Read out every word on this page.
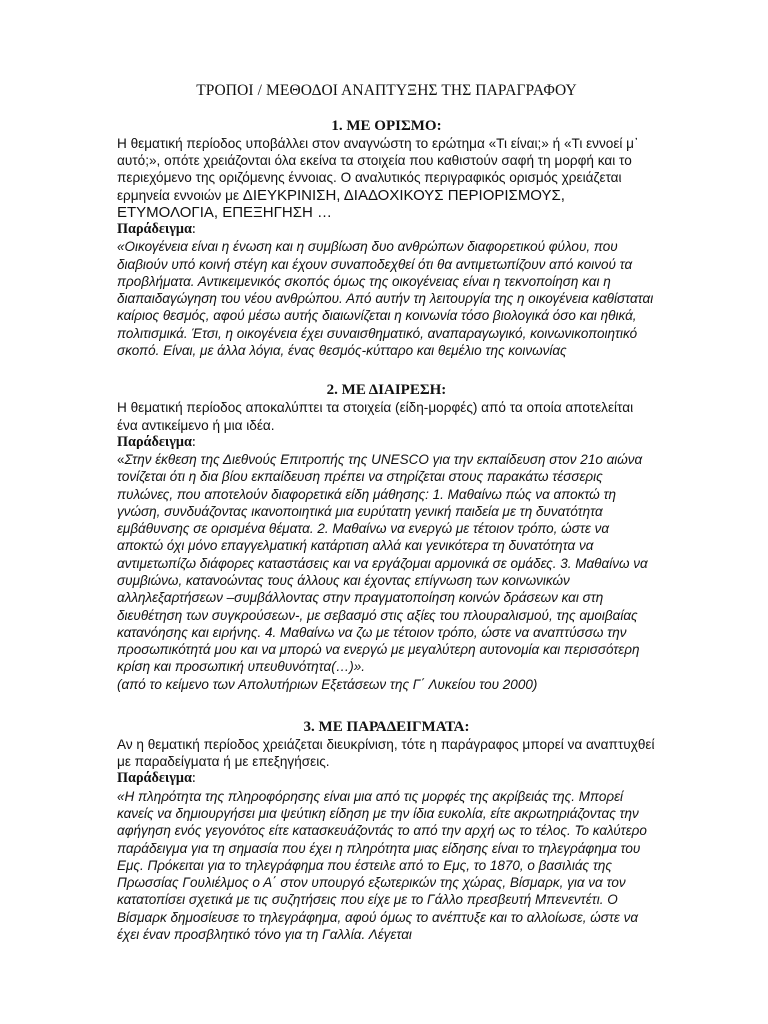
ΤΡΟΠΟΙ / ΜΕΘΟΔΟΙ ΑΝΑΠΤΥΞΗΣ ΤΗΣ ΠΑΡΑΓΡΑΦΟΥ
1. ΜΕ ΟΡΙΣΜΟ:

Η θεματική περίοδος υποβάλλει στον αναγνώστη το ερώτημα «Τι είναι;» ή «Τι εννοεί μ᾽ αυτό;», οπότε χρειάζονται όλα εκείνα τα στοιχεία που καθιστούν σαφή τη μορφή και το περιεχόμενο της οριζόμενης έννοιας. Ο αναλυτικός περιγραφικός ορισμός χρειάζεται ερμηνεία εννοιών με ΔΙΕΥΚΡΙΝΙΣΗ, ΔΙΑΔΟΧΙΚΟΥΣ ΠΕΡΙΟΡΙΣΜΟΥΣ, ΕΤΥΜΟΛΟΓΙΑ, ΕΠΕΞΗΓΗΣΗ …

Παράδειγμα:

«Οικογένεια είναι η ένωση και η συμβίωση δυο ανθρώπων διαφορετικού φύλου, που διαβιούν υπό κοινή στέγη και έχουν συναποδεχθεί ότι θα αντιμετωπίζουν από κοινού τα προβλήματα. Αντικειμενικός σκοπός όμως της οικογένειας είναι η τεκνοποίηση και η διαπαιδαγώγηση του νέου ανθρώπου. Από αυτήν τη λειτουργία της η οικογένεια καθίσταται καίριος θεσμός, αφού μέσω αυτής διαιωνίζεται η κοινωνία τόσο βιολογικά όσο και ηθικά, πολιτισμικά. Έτσι, η οικογένεια έχει συναισθηματικό, αναπαραγωγικό, κοινωνικοποιητικό σκοπό. Είναι, με άλλα λόγια, ένας θεσμός-κύτταρο και θεμέλιο της κοινωνίας

2. ΜΕ ΔΙΑΙΡΕΣΗ:

Η θεματική περίοδος αποκαλύπτει τα στοιχεία (είδη-μορφές) από τα οποία αποτελείται ένα αντικείμενο ή μια ιδέα.

Παράδειγμα:

«Στην έκθεση της Διεθνούς Επιτροπής της UNESCO για την εκπαίδευση στον 21ο αιώνα τονίζεται ότι η δια βίου εκπαίδευση πρέπει να στηρίζεται στους παρακάτω τέσσερις πυλώνες, που αποτελούν διαφορετικά είδη μάθησης: 1. Μαθαίνω πώς να αποκτώ τη γνώση, συνδυάζοντας ικανοποιητικά μια ευρύτατη γενική παιδεία με τη δυνατότητα εμβάθυνσης σε ορισμένα θέματα. 2. Μαθαίνω να ενεργώ με τέτοιον τρόπο, ώστε να αποκτώ όχι μόνο επαγγελματική κατάρτιση αλλά και γενικότερα τη δυνατότητα να αντιμετωπίζω διάφορες καταστάσεις και να εργάζομαι αρμονικά σε ομάδες. 3. Μαθαίνω να συμβιώνω, κατανοώντας τους άλλους και έχοντας επίγνωση των κοινωνικών αλληλεξαρτήσεων –συμβάλλοντας στην πραγματοποίηση κοινών δράσεων και στη διευθέτηση των συγκρούσεων-, με σεβασμό στις αξίες του πλουραλισμού, της αμοιβαίας κατανόησης και ειρήνης. 4. Μαθαίνω να ζω με τέτοιον τρόπο, ώστε να αναπτύσσω την προσωπικότητά μου και να μπορώ να ενεργώ με μεγαλύτερη αυτονομία και περισσότερη κρίση και προσωπική υπευθυνότητα(…)».

(από το κείμενο των Απολυτήριων Εξετάσεων της Γ΄ Λυκείου του 2000)

3. ΜΕ ΠΑΡΑΔΕΙΓΜΑΤΑ:

Αν η θεματική περίοδος χρειάζεται διευκρίνιση, τότε η παράγραφος μπορεί να αναπτυχθεί με παραδείγματα ή με επεξηγήσεις.

Παράδειγμα:

«Η πληρότητα της πληροφόρησης είναι μια από τις μορφές της ακρίβειάς της. Μπορεί κανείς να δημιουργήσει μια ψεύτικη είδηση με την ίδια ευκολία, είτε ακρωτηριάζοντας την αφήγηση ενός γεγονότος είτε κατασκευάζοντάς το από την αρχή ως το τέλος. Το καλύτερο παράδειγμα για τη σημασία που έχει η πληρότητα μιας είδησης είναι το τηλεγράφημα του Εμς. Πρόκειται για το τηλεγράφημα που έστειλε από το Εμς, το 1870, ο βασιλιάς της Πρωσσίας Γουλιέλμος ο Α΄ στον υπουργό εξωτερικών της χώρας, Βίσμαρκ, για να τον κατατοπίσει σχετικά με τις συζητήσεις που είχε με το Γάλλο πρεσβευτή Μπενεντέτι. Ο Βίσμαρκ δημοσίευσε το τηλεγράφημα, αφού όμως το ανέπτυξε και το αλλοίωσε, ώστε να έχει έναν προσβλητικό τόνο για τη Γαλλία. Λέγεται
